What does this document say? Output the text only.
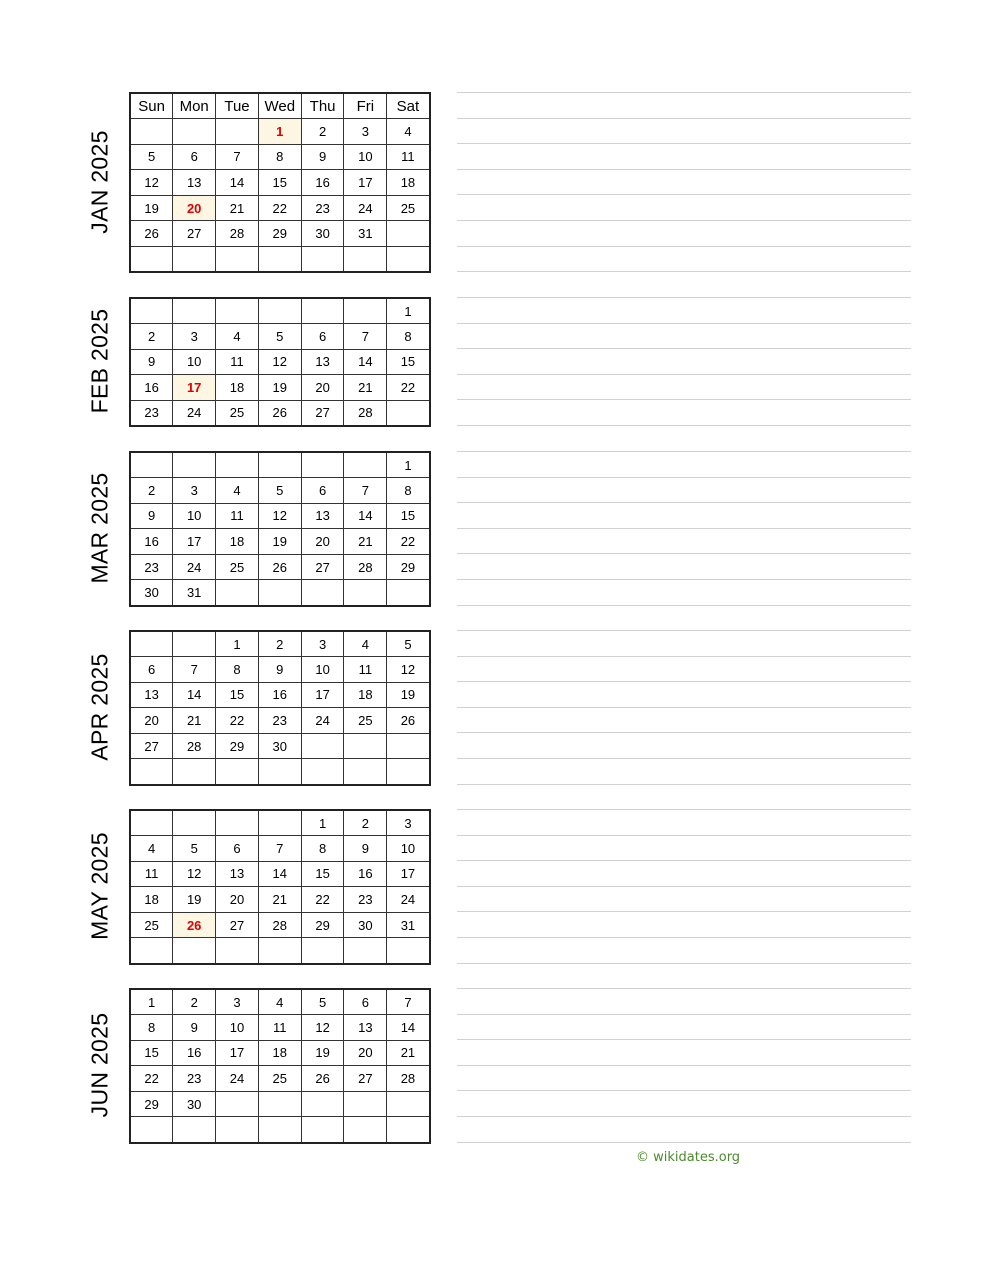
Sun	Mon	Tue	Wed	Thu	Fri	Sat
			1	2	3	4
5	6	7	8	9	10	11
12	13	14	15	16	17	18
19	20	21	22	23	24	25
26	27	28	29	30	31	

JAN 2025
						1
2	3	4	5	6	7	8
9	10	11	12	13	14	15
16	17	18	19	20	21	22
23	24	25	26	27	28	
FEB 2025
						1
2	3	4	5	6	7	8
9	10	11	12	13	14	15
16	17	18	19	20	21	22
23	24	25	26	27	28	29
30	31					
MAR 2025
		1	2	3	4	5
6	7	8	9	10	11	12
13	14	15	16	17	18	19
20	21	22	23	24	25	26
27	28	29	30			

APR 2025
				1	2	3
4	5	6	7	8	9	10
11	12	13	14	15	16	17
18	19	20	21	22	23	24
25	26	27	28	29	30	31

MAY 2025
1	2	3	4	5	6	7
8	9	10	11	12	13	14
15	16	17	18	19	20	21
22	23	24	25	26	27	28
29	30					

JUN 2025
© wikidates.org
